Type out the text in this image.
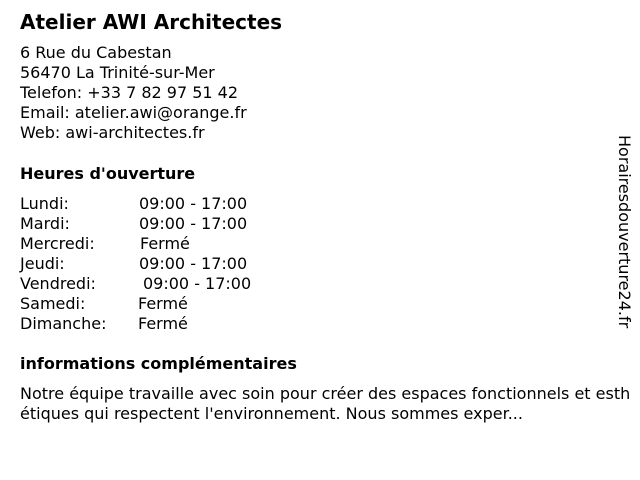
Atelier AWI Architectes
6 Rue du Cabestan
56470 La Trinité-sur-Mer
Telefon: +33 7 82 97 51 42
Email: atelier.awi@orange.fr
Web: awi-architectes.fr
Heures d'ouverture
Lundi:	09:00 - 17:00
Mardi:	09:00 - 17:00
Mercredi:	Fermé
Jeudi:	09:00 - 17:00
Vendredi:	09:00 - 17:00
Samedi:	Fermé
Dimanche: Fermé
informations complémentaires
Notre équipe travaille avec soin pour créer des espaces fonctionnels et esthétiques qui respectent l'environnement. Nous sommes exper...
Horairesdouverture24.fr
